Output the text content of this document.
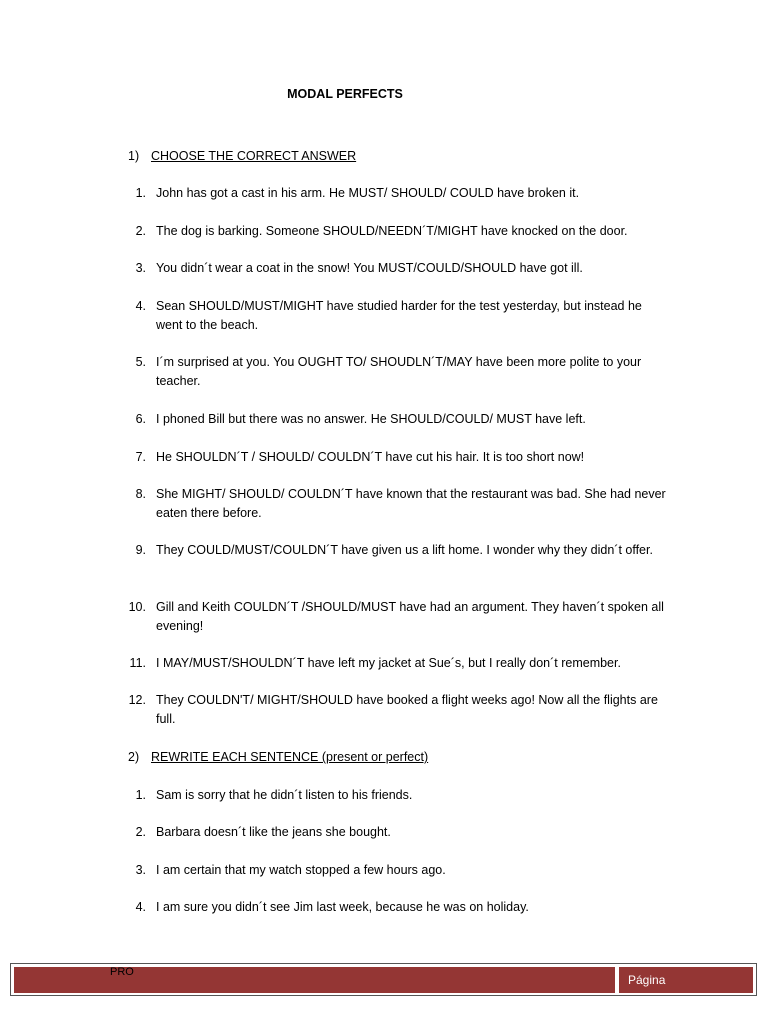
MODAL PERFECTS
1) CHOOSE THE CORRECT ANSWER
1. John has got a cast in his arm. He MUST/ SHOULD/ COULD have broken it.
2. The dog is barking. Someone SHOULD/NEEDN´T/MIGHT have knocked on the door.
3. You didn´t wear a coat in the snow! You MUST/COULD/SHOULD have got ill.
4. Sean SHOULD/MUST/MIGHT have studied harder for the test yesterday, but instead he went to the beach.
5. I´m surprised at you. You OUGHT TO/ SHOUDLN´T/MAY have been more polite to your teacher.
6. I phoned Bill but there was no answer. He SHOULD/COULD/ MUST have left.
7. He SHOULDN´T / SHOULD/ COULDN´T have cut his hair. It is too short now!
8. She MIGHT/ SHOULD/ COULDN´T have known that the restaurant was bad. She had never eaten there before.
9. They COULD/MUST/COULDN´T have given us a lift home. I wonder why they didn´t offer.
10. Gill and Keith COULDN´T /SHOULD/MUST have had an argument. They haven´t spoken all evening!
11. I MAY/MUST/SHOULDN´T have left my jacket at Sue´s, but I really don´t remember.
12. They COULDN'T/ MIGHT/SHOULD have booked a flight weeks ago! Now all the flights are full.
2) REWRITE EACH SENTENCE (present or perfect)
1. Sam is sorry that he didn´t listen to his friends.
2. Barbara doesn´t like the jeans she bought.
3. I am certain that my watch stopped a few hours ago.
4. I am sure you didn´t see Jim last week, because he was on holiday.
PRO
Página
